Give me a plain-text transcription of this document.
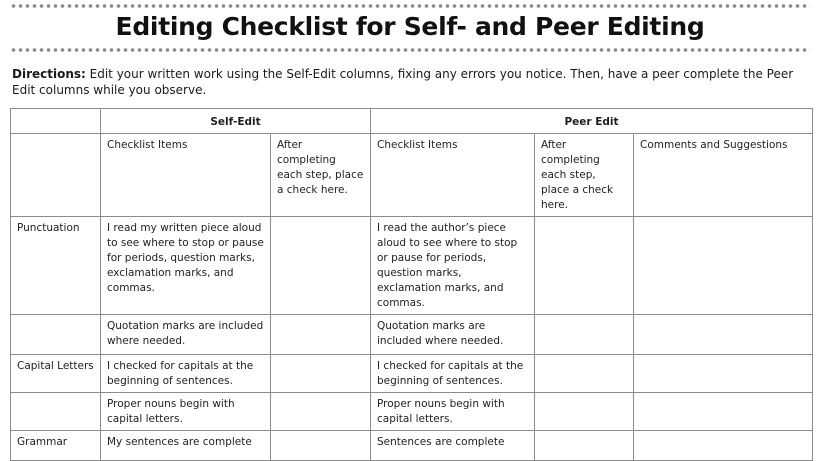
Editing Checklist for Self- and Peer Editing
Directions: Edit your written work using the Self-Edit columns, fixing any errors you notice. Then, have a peer complete the Peer Edit columns while you observe.
	Self-Edit		Peer Edit		
	Checklist Items	After completing each step, place a check here.	Checklist Items	After completing each step, place a check here.	Comments and Suggestions
Punctuation	I read my written piece aloud to see where to stop or pause for periods, question marks, exclamation marks, and commas.		I read the author’s piece aloud to see where to stop or pause for periods, question marks, exclamation marks, and commas.		
	Quotation marks are included where needed.		Quotation marks are included where needed.		
Capital Letters	I checked for capitals at the beginning of sentences.		I checked for capitals at the beginning of sentences.		
	Proper nouns begin with capital letters.		Proper nouns begin with capital letters.		
Grammar	My sentences are complete		Sentences are complete		
